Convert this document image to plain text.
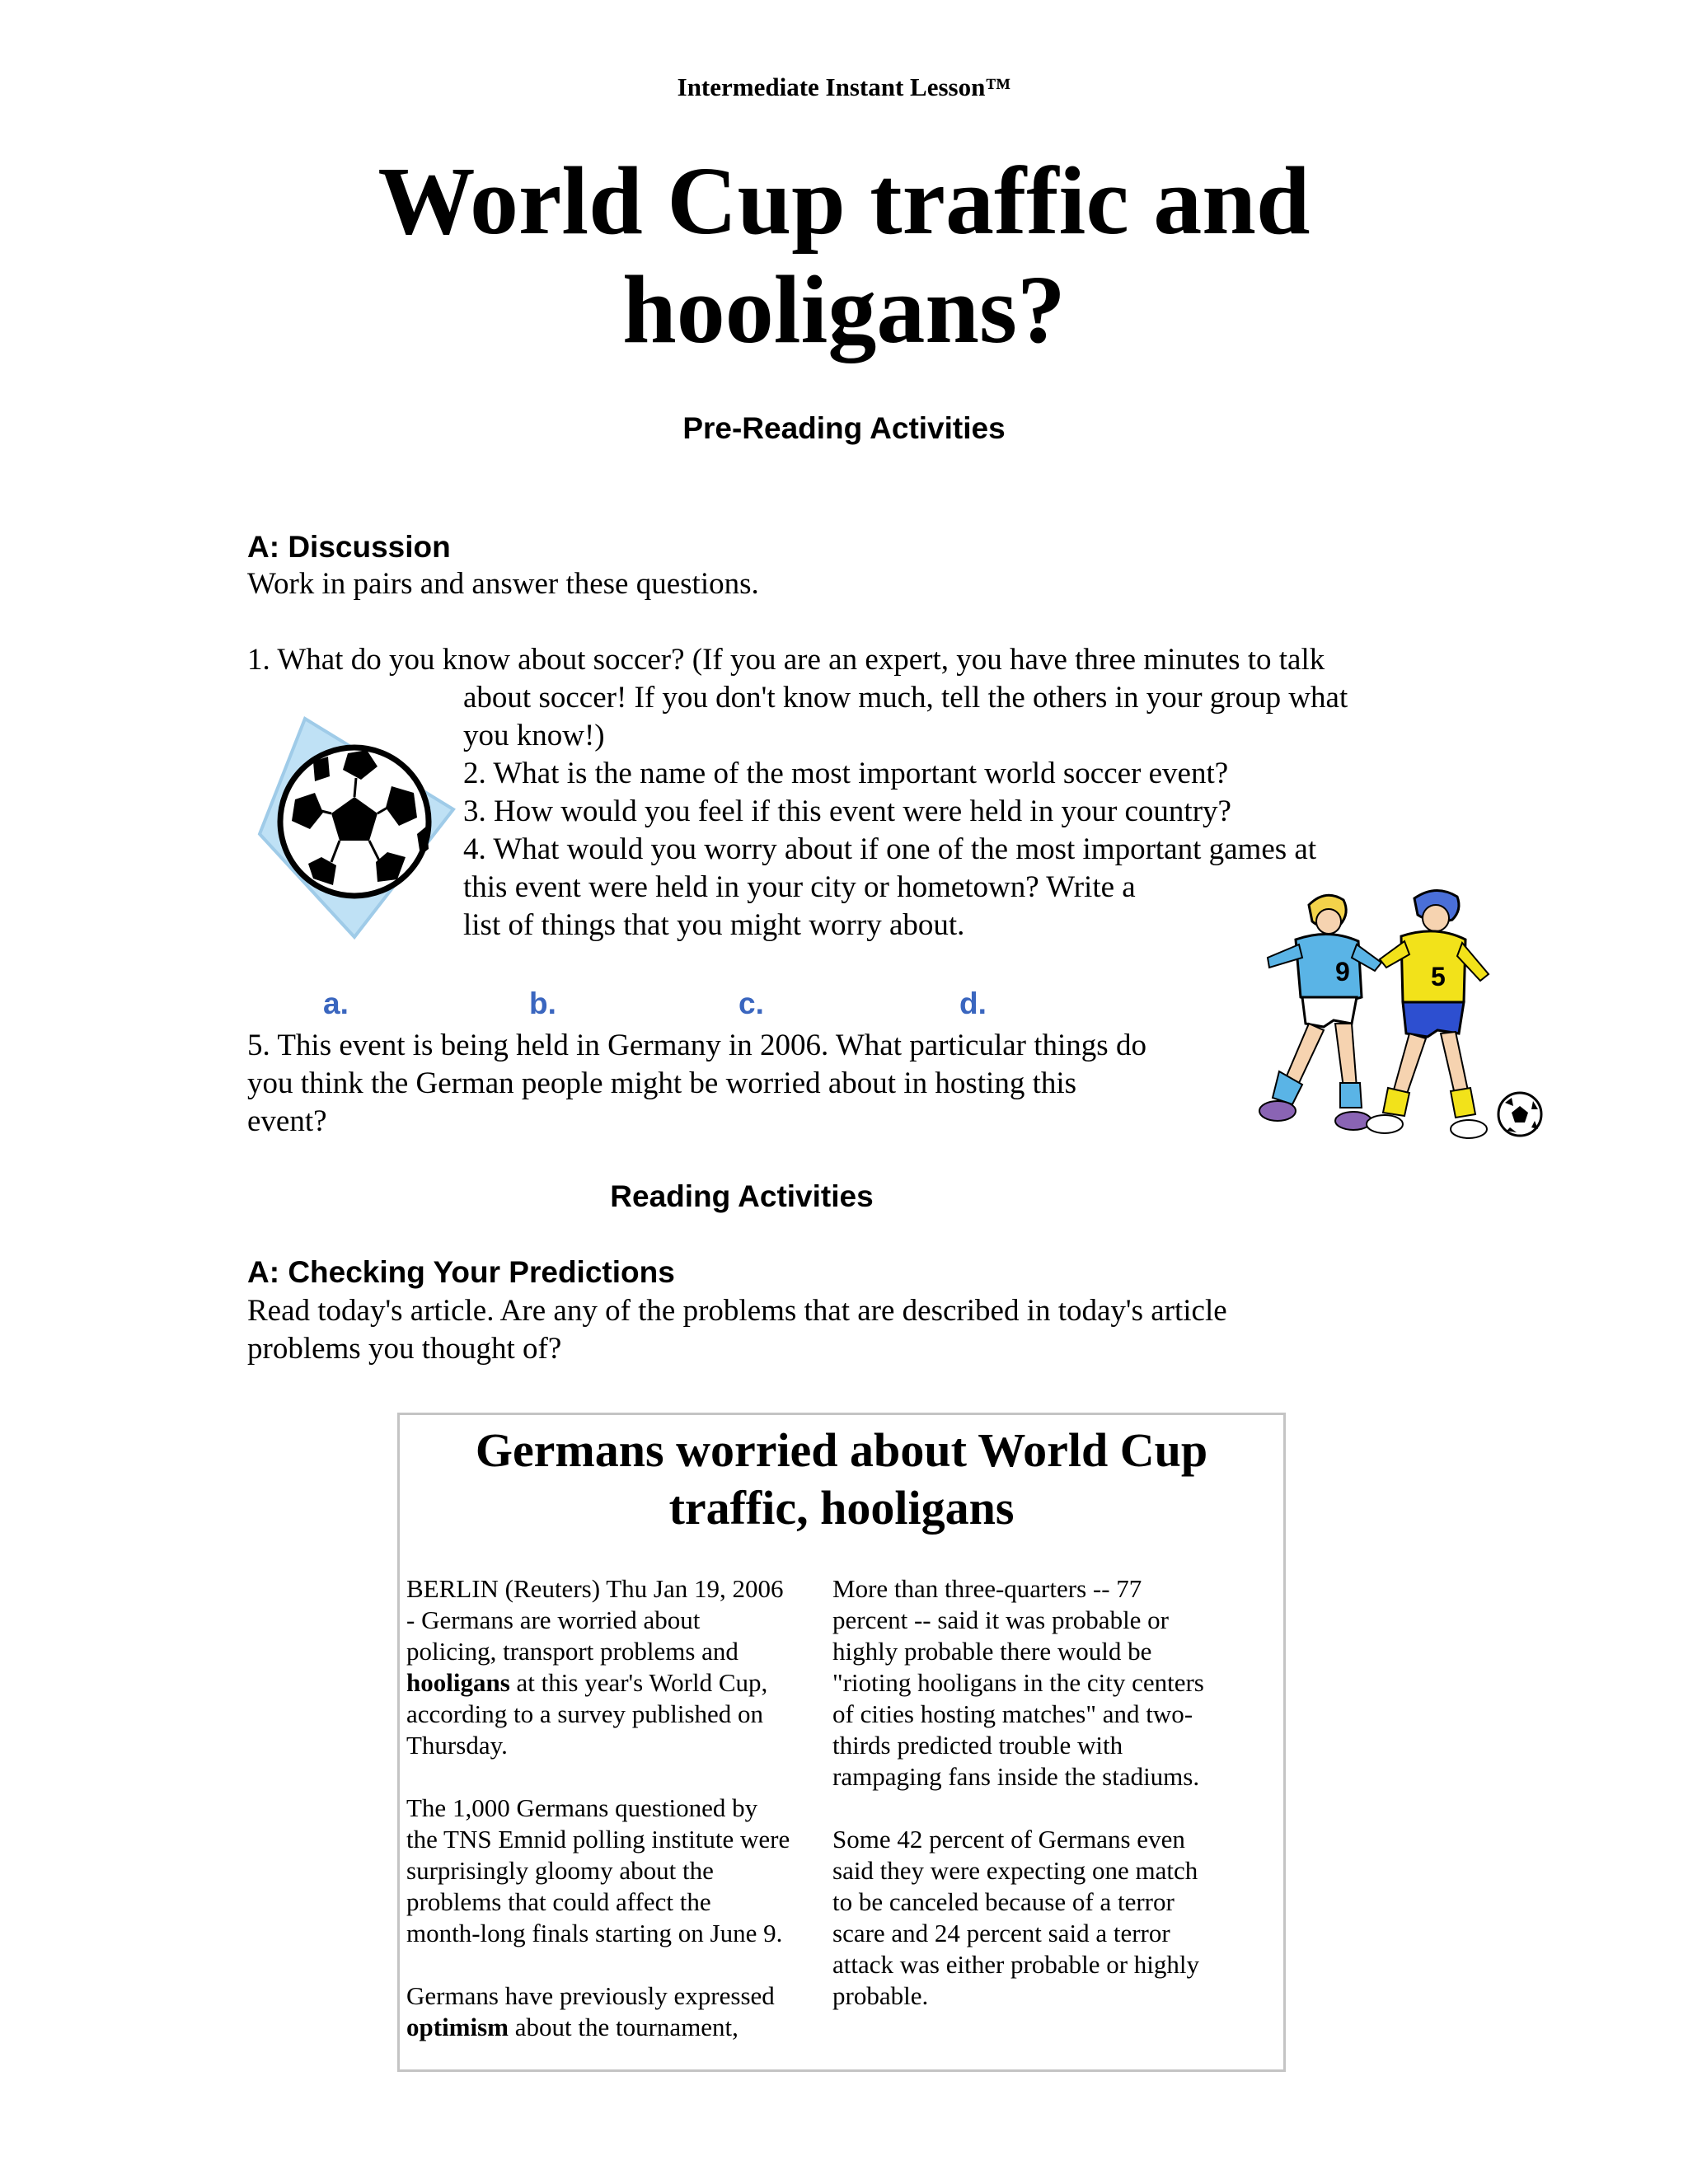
Intermediate Instant Lesson™
World Cup traffic and
hooligans?
Pre-Reading Activities
A: Discussion
Work in pairs and answer these questions.
1. What do you know about soccer? (If you are an expert, you have three minutes to talk
about soccer! If you don't know much, tell the others in your group what
you know!)
2. What is the name of the most important world soccer event?
3. How would you feel if this event were held in your country?
4. What would you worry about if one of the most important games at
this event were held in your city or hometown? Write a
list of things that you might worry about.
a.	b.	c.	d.
5. This event is being held in Germany in 2006. What particular things do
you think the German people might be worried about in hosting this
event?
9	5
Reading Activities
A: Checking Your Predictions
Read today's article. Are any of the problems that are described in today's article
problems you thought of?
Germans worried about World Cup
traffic, hooligans

BERLIN (Reuters) Thu Jan 19, 2006
- Germans are worried about
policing, transport problems and
hooligans at this year's World Cup,
according to a survey published on
Thursday.

The 1,000 Germans questioned by
the TNS Emnid polling institute were
surprisingly gloomy about the
problems that could affect the
month-long finals starting on June 9.

Germans have previously expressed
optimism about the tournament,

More than three-quarters -- 77
percent -- said it was probable or
highly probable there would be
"rioting hooligans in the city centers
of cities hosting matches" and two-
thirds predicted trouble with
rampaging fans inside the stadiums.

Some 42 percent of Germans even
said they were expecting one match
to be canceled because of a terror
scare and 24 percent said a terror
attack was either probable or highly
probable.
